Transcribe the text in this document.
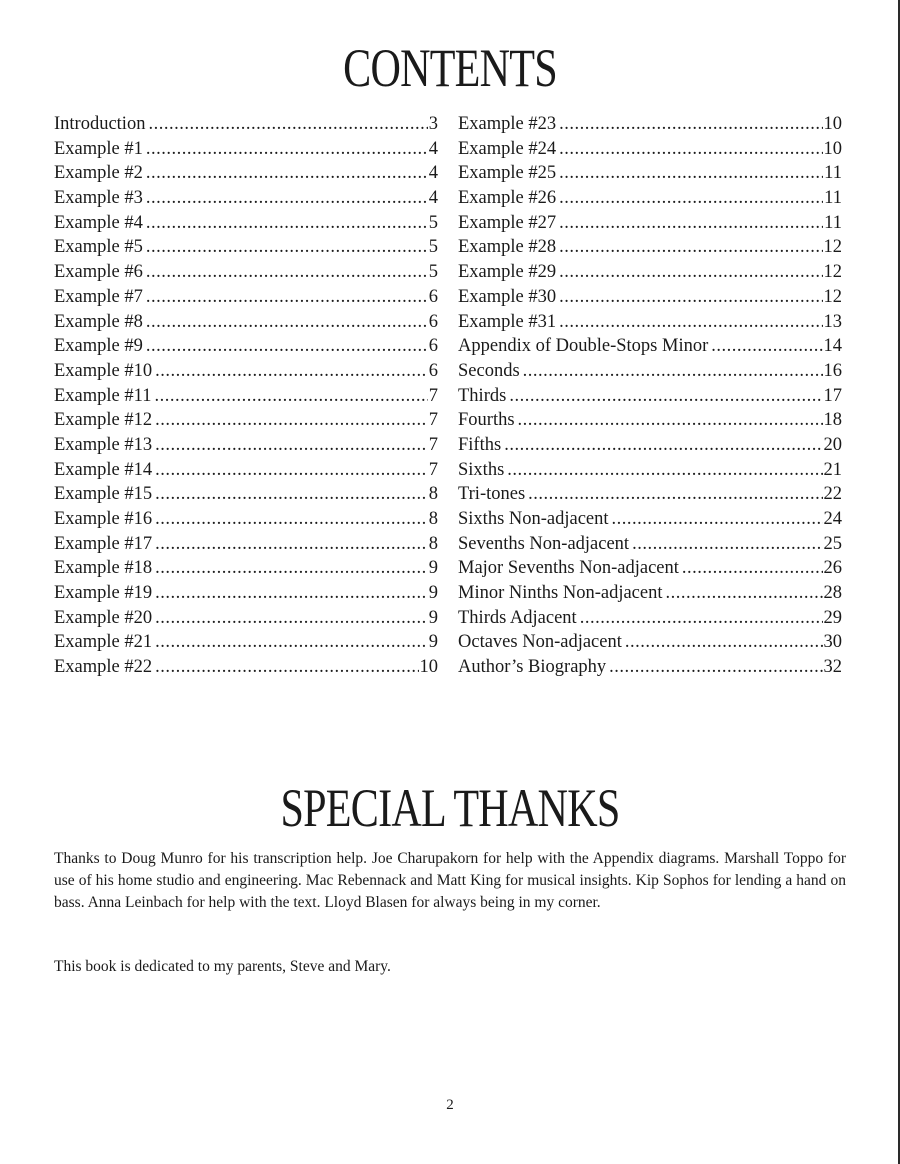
CONTENTS
Introduction .....	3
Example #1 .....	4
Example #2 .....	4
Example #3 .....	4
Example #4 .....	5
Example #5 .....	5
Example #6 .....	5
Example #7 .....	6
Example #8 .....	6
Example #9 .....	6
Example #10 .....	6
Example #11 .....	7
Example #12 .....	7
Example #13 .....	7
Example #14 .....	7
Example #15 .....	8
Example #16 .....	8
Example #17 .....	8
Example #18 .....	9
Example #19 .....	9
Example #20 .....	9
Example #21 .....	9
Example #22 .....	10
Example #23 .....	10
Example #24 .....	10
Example #25 .....	11
Example #26 .....	11
Example #27 .....	11
Example #28 .....	12
Example #29 .....	12
Example #30 .....	12
Example #31 .....	13
Appendix of Double-Stops Minor .....	14
Seconds .....	16
Thirds .....	17
Fourths .....	18
Fifths .....	20
Sixths .....	21
Tri-tones .....	22
Sixths Non-adjacent .....	24
Sevenths Non-adjacent .....	25
Major Sevenths Non-adjacent .....	26
Minor Ninths Non-adjacent .....	28
Thirds Adjacent .....	29
Octaves Non-adjacent .....	30
Author’s Biography .....	32
SPECIAL THANKS

Thanks to Doug Munro for his transcription help. Joe Charupakorn for help with the Appendix diagrams. Marshall Toppo for use of his home studio and engineering. Mac Rebennack and Matt King for musical insights. Kip Sophos for lending a hand on bass. Anna Leinbach for help with the text. Lloyd Blasen for always being in my corner.

This book is dedicated to my parents, Steve and Mary.

2
